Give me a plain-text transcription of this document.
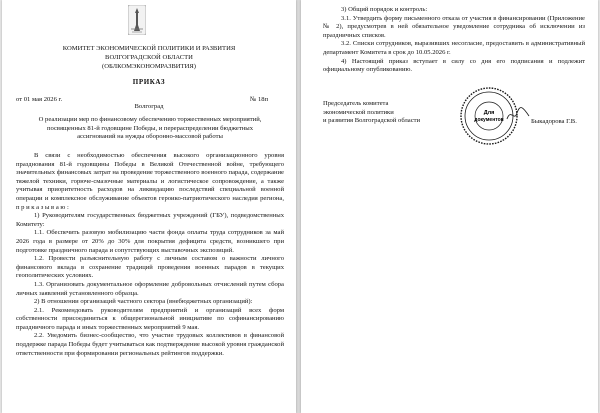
КОМИТЕТ ЭКОНОМИЧЕСКОЙ ПОЛИТИКИ И РАЗВИТИЯ
ВОЛГОГРАДСКОЙ ОБЛАСТИ
(ОБЛКОМЭКОНОМРАЗВИТИЯ)
ПРИКАЗ
от 01 мая 2026 г.	№ 18п
Волгоград
О реализации мер по финансовому обеспечению торжественных мероприятий, посвященных 81-й годовщине Победы, и перераспределении бюджетных ассигнований на нужды оборонно-массовой работы

В связи с необходимостью обеспечения высокого организационного уровня празднования 81-й годовщины Победы в Великой Отечественной войне, требующего значительных финансовых затрат на проведение торжественного военного парада, содержание тяжелой техники, горюче-смазочные материалы и логистическое сопровождение, а также учитывая приоритетность расходов на ликвидацию последствий специальной военной операции и комплексное обслуживание объектов героико-патриотического наследия региона, п р и к а з ы в а ю :

1) Руководителям государственных бюджетных учреждений (ГБУ), подведомственных Комитету:

1.1. Обеспечить разовую мобилизацию части фонда оплаты труда сотрудников за май 2026 года в размере от 20% до 30% для покрытия дефицита средств, возникшего при подготовке праздничного парада и сопутствующих выставочных экспозиций.

1.2. Провести разъяснительную работу с личным составом о важности личного финансового вклада в сохранение традиций проведения военных парадов в текущих геополитических условиях.

1.3. Организовать документальное оформление добровольных отчислений путем сбора личных заявлений установленного образца.

2) В отношении организаций частного сектора (внебюджетных организаций):

2.1. Рекомендовать руководителям предприятий и организаций всех форм собственности присоединиться к общерегиональной инициативе по софинансированию праздничного парада и иных торжественных мероприятий 9 мая.

2.2. Уведомить бизнес-сообщество, что участие трудовых коллективов в финансовой поддержке парада Победы будет учитываться как подтверждение высокой уровня гражданской ответственности при формировании региональных рейтингов поддержки.

3) Общий порядок и контроль:

3.1. Утвердить форму письменного отказа от участия в финансировании (Приложение № 2), предусмотрев в ней обязательное уведомление сотрудника об исключении из праздничных списков.

3.2. Списки сотрудников, выразивших несогласие, предоставить в административный департамент Комитета в срок до 10.05.2026 г.

4) Настоящий приказ вступает в силу со дня его подписания и подлежит официальному опубликованию.

Председатель комитета
экономической политики
и развития Волгоградской области
Для
документов	Быкадорова Г.В.
